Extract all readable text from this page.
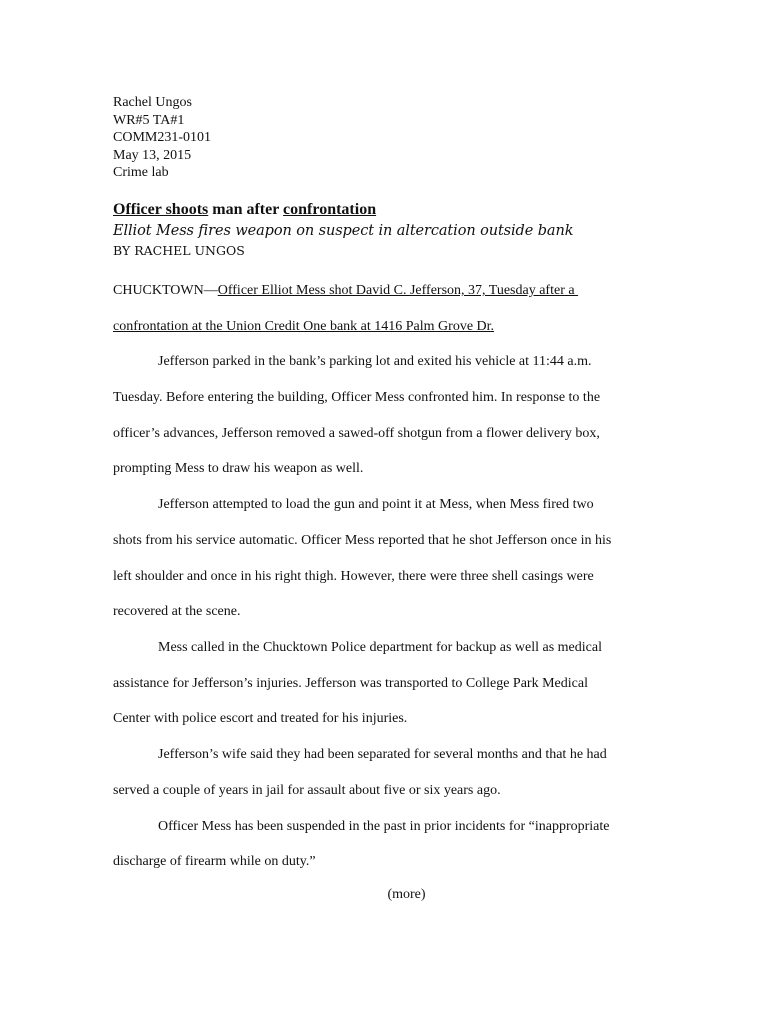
Rachel Ungos
WR#5 TA#1
COMM231-0101
May 13, 2015
Crime lab
Officer shoots man after confrontation
Elliot Mess fires weapon on suspect in altercation outside bank
BY RACHEL UNGOS
CHUCKTOWN—Officer Elliot Mess shot David C. Jefferson, 37, Tuesday after a
confrontation at the Union Credit One bank at 1416 Palm Grove Dr.
Jefferson parked in the bank’s parking lot and exited his vehicle at 11:44 a.m.
Tuesday. Before entering the building, Officer Mess confronted him. In response to the
officer’s advances, Jefferson removed a sawed-off shotgun from a flower delivery box,
prompting Mess to draw his weapon as well.
Jefferson attempted to load the gun and point it at Mess, when Mess fired two
shots from his service automatic. Officer Mess reported that he shot Jefferson once in his
left shoulder and once in his right thigh. However, there were three shell casings were
recovered at the scene.
Mess called in the Chucktown Police department for backup as well as medical
assistance for Jefferson’s injuries. Jefferson was transported to College Park Medical
Center with police escort and treated for his injuries.
Jefferson’s wife said they had been separated for several months and that he had
served a couple of years in jail for assault about five or six years ago.
Officer Mess has been suspended in the past in prior incidents for “inappropriate
discharge of firearm while on duty.”
(more)
